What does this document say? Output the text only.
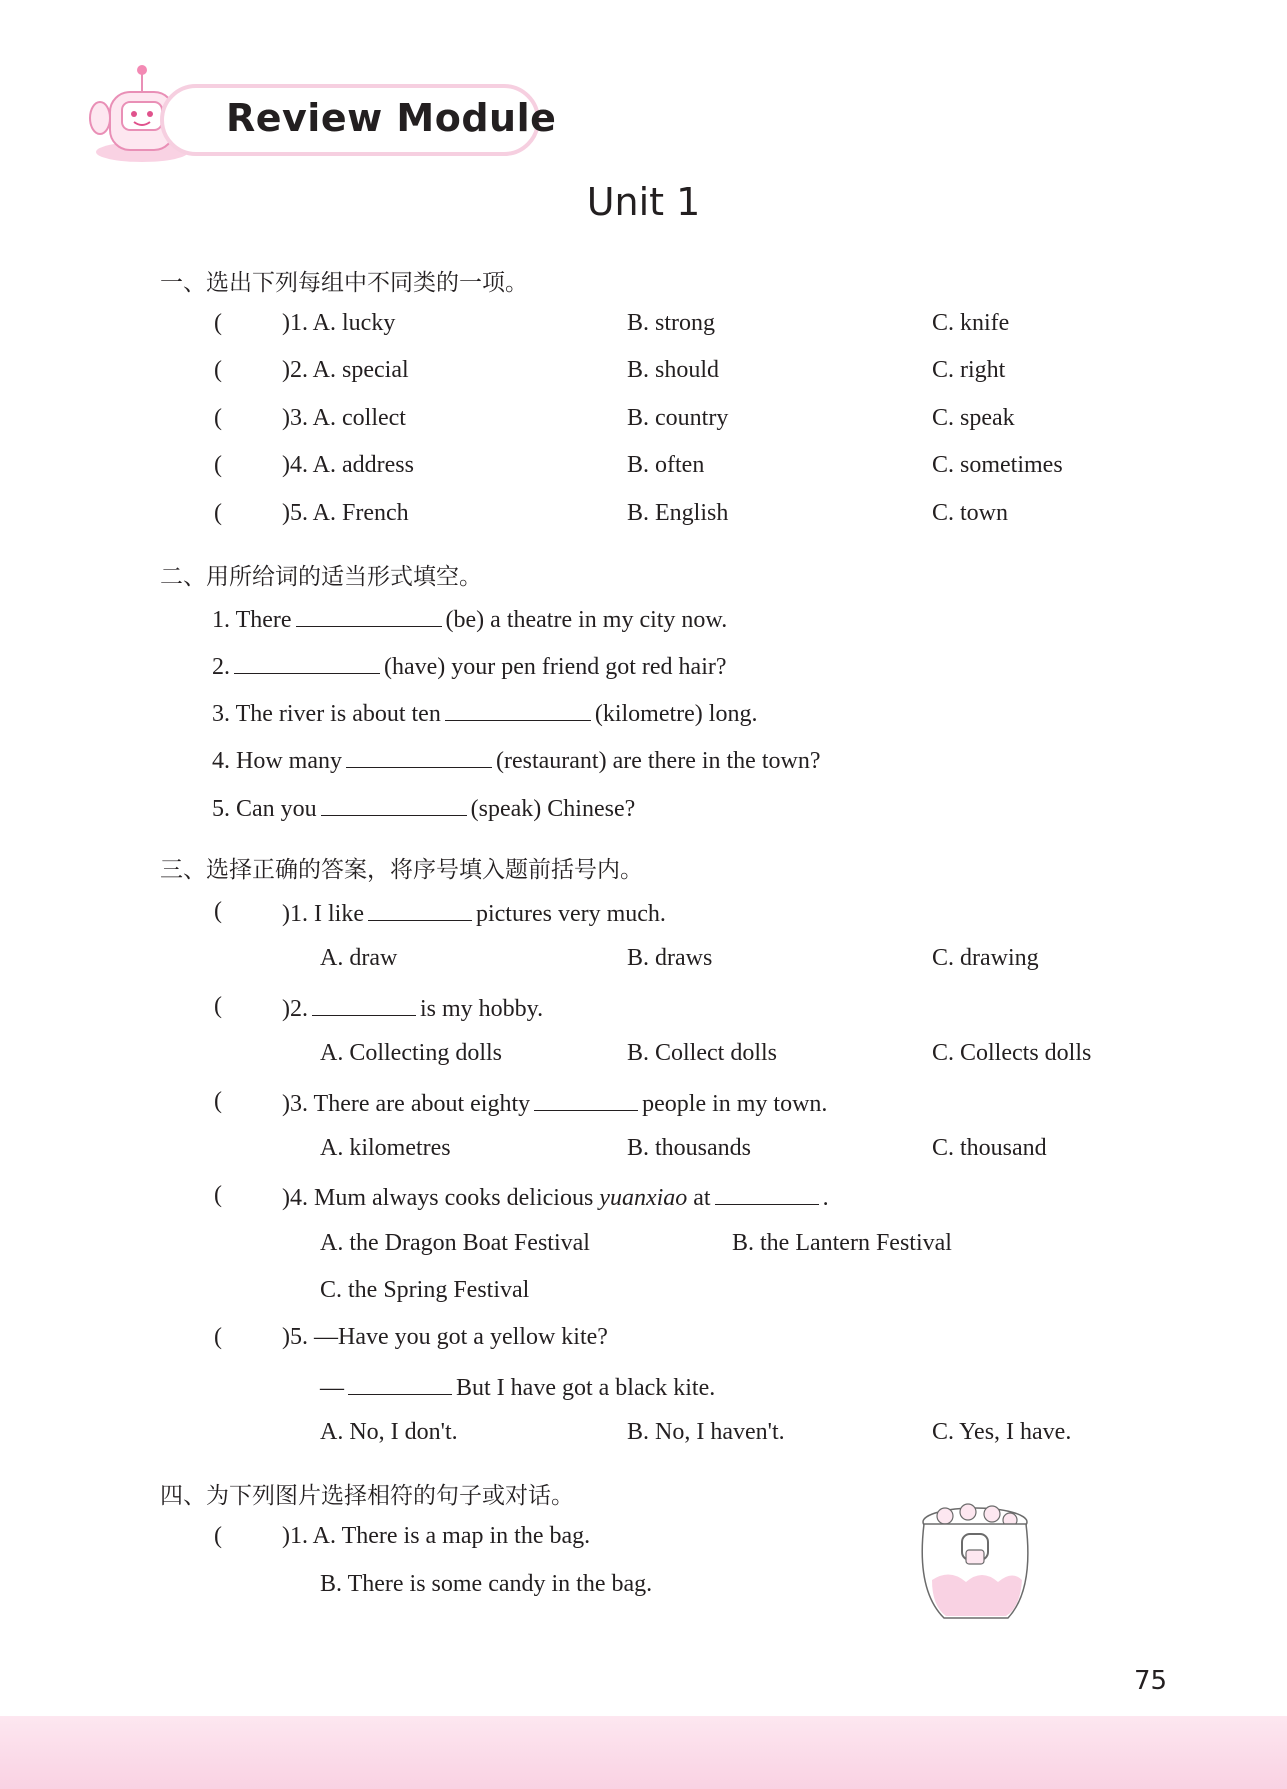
Review Module
Unit 1
一、选出下列每组中不同类的一项。
(	)1. A. lucky	B. strong	C. knife
(	)2. A. special	B. should	C. right
(	)3. A. collect	B. country	C. speak
(	)4. A. address	B. often	C. sometimes
(	)5. A. French	B. English	C. town
二、用所给词的适当形式填空。
1. There	(be) a theatre in my city now.
2.	(have) your pen friend got red hair?
3. The river is about ten	(kilometre) long.
4. How many	(restaurant) are there in the town?
5. Can you	(speak) Chinese?
三、选择正确的答案，将序号填入题前括号内。
(	)1. I like	pictures very much.
A. draw	B. draws	C. drawing
(	)2.	is my hobby.
A. Collecting dolls	B. Collect dolls	C. Collects dolls
(	)3. There are about eighty	people in my town.
A. kilometres	B. thousands	C. thousand
(	)4. Mum always cooks delicious yuanxiao at	.
A. the Dragon Boat Festival	B. the Lantern Festival
C. the Spring Festival
(	)5. —Have you got a yellow kite?
—	But I have got a black kite.
A. No, I don't.	B. No, I haven't.	C. Yes, I have.
四、为下列图片选择相符的句子或对话。
(	)1. A. There is a map in the bag.
B. There is some candy in the bag.
75
